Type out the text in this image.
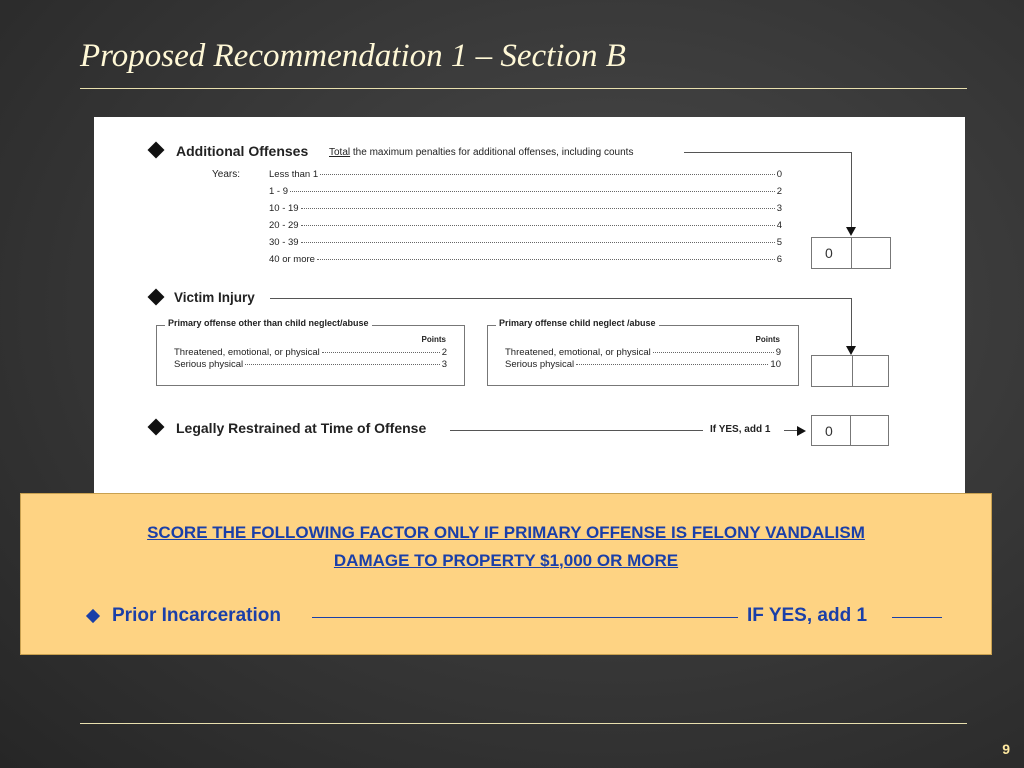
Proposed Recommendation 1 – Section B
Additional Offenses Total the maximum penalties for additional offenses, including counts
Years:	Less than 1	0
1 - 9	2
10 - 19	3
20 - 29	4
30 - 39	5
40 or more	6	0
Victim Injury
Primary offense other than child neglect/abuse
Points
Threatened, emotional, or physical	2
Serious physical	3
Primary offense child neglect /abuse
Points
Threatened, emotional, or physical	9
Serious physical	10
Legally Restrained at Time of Offense	If YES, add 1	0
SCORE THE FOLLOWING FACTOR ONLY IF PRIMARY OFFENSE IS FELONY VANDALISM
DAMAGE TO PROPERTY $1,000 OR MORE
Prior Incarceration	IF YES, add 1
9
